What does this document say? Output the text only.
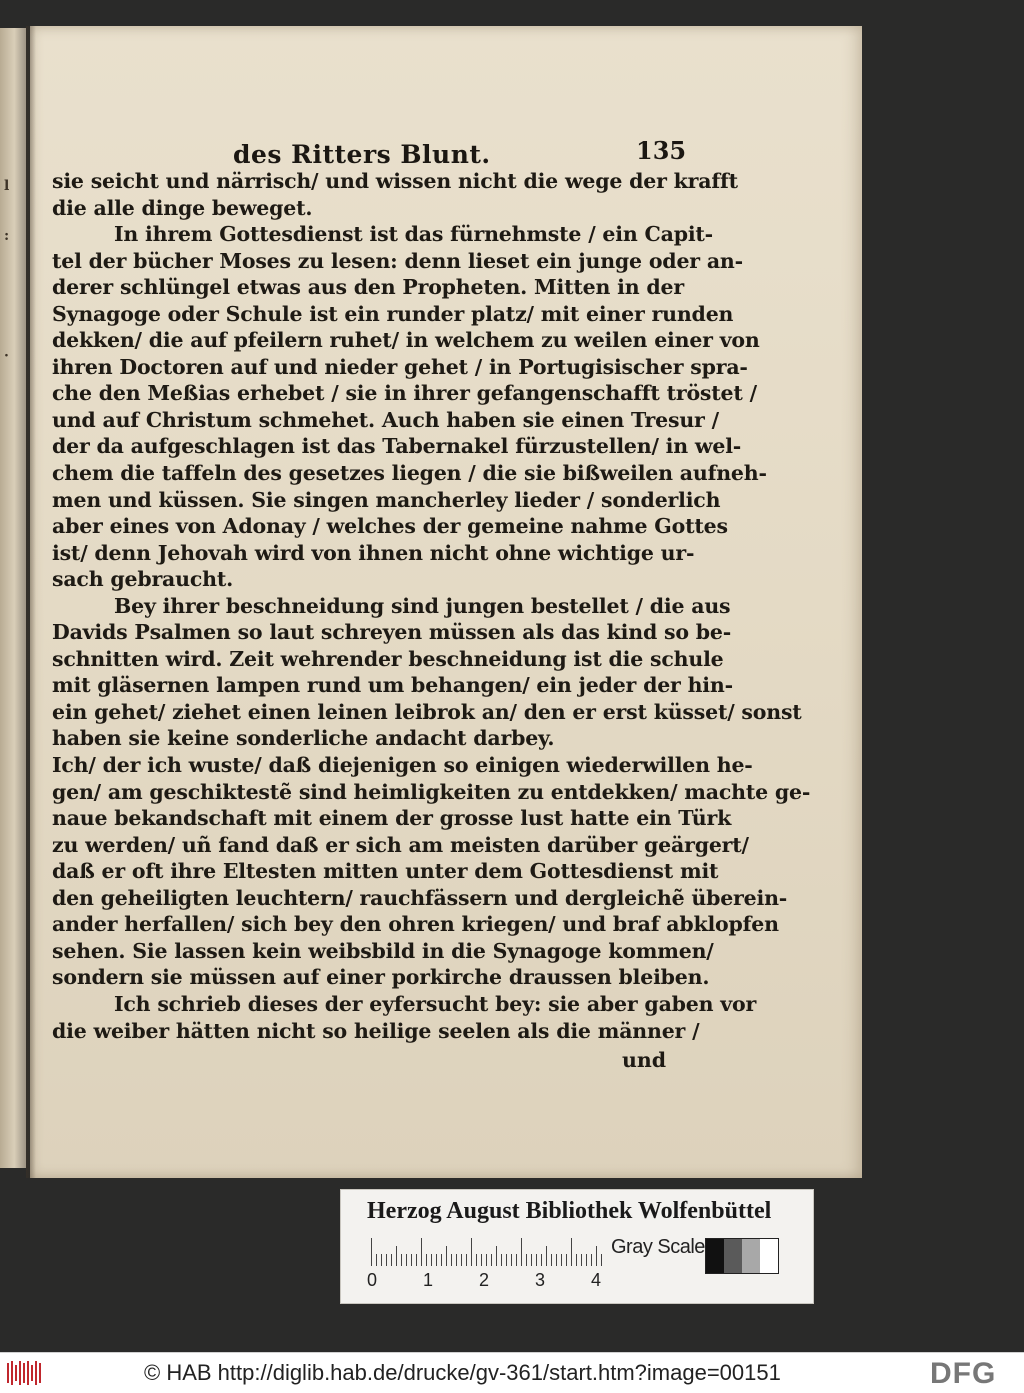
l
:
·
des Ritters Blunt.	135
sie seicht und närrisch/ und wissen nicht die wege der krafft
die alle dinge beweget.
In ihrem Gottesdienst ist das fürnehmste / ein Capit-
tel der bücher Moses zu lesen: denn lieset ein junge oder an-
derer schlüngel etwas aus den Propheten. Mitten in der
Synagoge oder Schule ist ein runder platz/ mit einer runden
dekken/ die auf pfeilern ruhet/ in welchem zu weilen einer von
ihren Doctoren auf und nieder gehet / in Portugisischer spra-
che den Meßias erhebet / sie in ihrer gefangenschafft tröstet /
und auf Christum schmehet. Auch haben sie einen Tresur /
der da aufgeschlagen ist das Tabernakel fürzustellen/ in wel-
chem die taffeln des gesetzes liegen / die sie bißweilen aufneh-
men und küssen. Sie singen mancherley lieder / sonderlich
aber eines von Adonay / welches der gemeine nahme Gottes
ist/ denn Jehovah wird von ihnen nicht ohne wichtige ur-
sach gebraucht.
Bey ihrer beschneidung sind jungen bestellet / die aus
Davids Psalmen so laut schreyen müssen als das kind so be-
schnitten wird. Zeit wehrender beschneidung ist die schule
mit gläsernen lampen rund um behangen/ ein jeder der hin-
ein gehet/ ziehet einen leinen leibrok an/ den er erst küsset/ sonst
haben sie keine sonderliche andacht darbey.
Ich/ der ich wuste/ daß diejenigen so einigen wiederwillen he-
gen/ am geschiktestẽ sind heimligkeiten zu entdekken/ machte ge-
naue bekandschaft mit einem der grosse lust hatte ein Türk
zu werden/ uñ fand daß er sich am meisten darüber geärgert/
daß er oft ihre Eltesten mitten unter dem Gottesdienst mit
den geheiligten leuchtern/ rauchfässern und dergleichẽ überein-
ander herfallen/ sich bey den ohren kriegen/ und braf abklopfen
sehen. Sie lassen kein weibsbild in die Synagoge kommen/
sondern sie müssen auf einer porkirche draussen bleiben.
Ich schrieb dieses der eyfersucht bey: sie aber gaben vor
die weiber hätten nicht so heilige seelen als die männer /
und
Herzog August Bibliothek Wolfenbüttel
0	1	2	3	4
Gray Scale
© HAB http://diglib.hab.de/drucke/gv-361/start.htm?image=00151	DFG
